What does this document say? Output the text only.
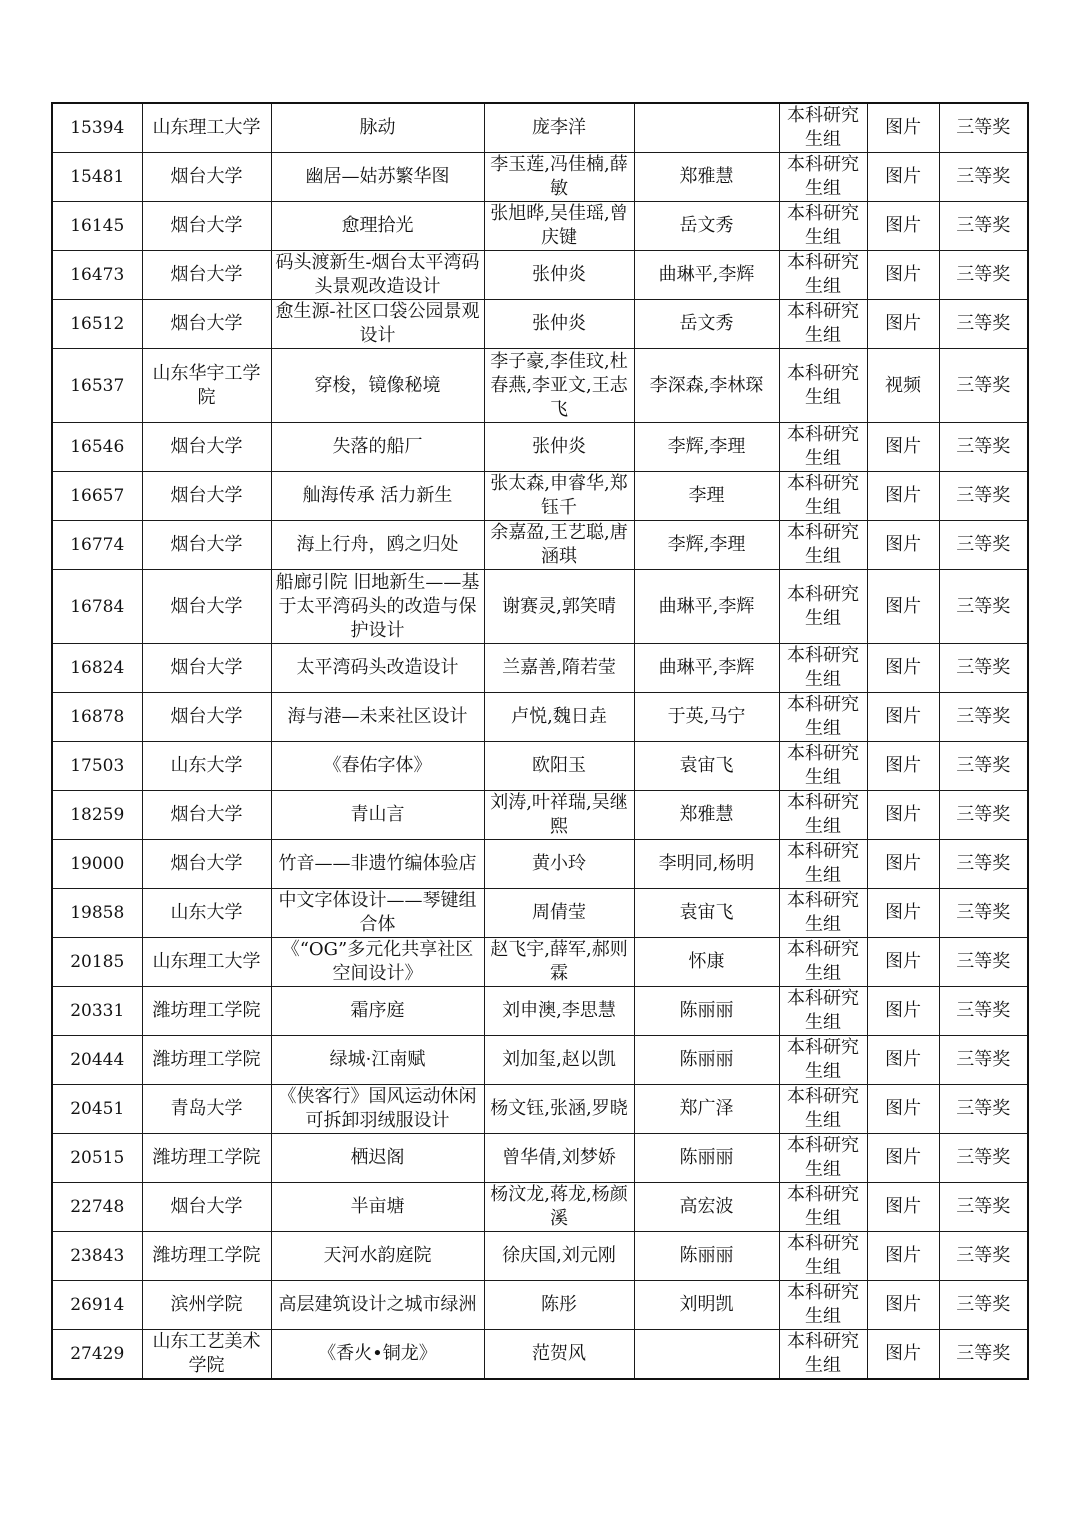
15394	山东理工大学	脉动	庞李洋		本科研究生组	图片	三等奖
15481	烟台大学	幽居—姑苏繁华图	李玉莲,冯佳楠,薛敏	郑雅慧	本科研究生组	图片	三等奖
16145	烟台大学	愈理拾光	张旭晔,吴佳瑶,曾庆键	岳文秀	本科研究生组	图片	三等奖
16473	烟台大学	码头渡新生-烟台太平湾码头景观改造设计	张仲炎	曲琳平,李辉	本科研究生组	图片	三等奖
16512	烟台大学	愈生源-社区口袋公园景观设计	张仲炎	岳文秀	本科研究生组	图片	三等奖
16537	山东华宇工学院	穿梭，镜像秘境	李子豪,李佳玟,杜春燕,李亚文,王志飞	李深森,李林琛	本科研究生组	视频	三等奖
16546	烟台大学	失落的船厂	张仲炎	李辉,李理	本科研究生组	图片	三等奖
16657	烟台大学	舢海传承 活力新生	张太森,申睿华,郑钰千	李理	本科研究生组	图片	三等奖
16774	烟台大学	海上行舟，鸥之归处	余嘉盈,王艺聪,唐涵琪	李辉,李理	本科研究生组	图片	三等奖
16784	烟台大学	船廊引院 旧地新生——基于太平湾码头的改造与保护设计	谢赛灵,郭笑晴	曲琳平,李辉	本科研究生组	图片	三等奖
16824	烟台大学	太平湾码头改造设计	兰嘉善,隋若莹	曲琳平,李辉	本科研究生组	图片	三等奖
16878	烟台大学	海与港—未来社区设计	卢悦,魏日垚	于英,马宁	本科研究生组	图片	三等奖
17503	山东大学	《春佑字体》	欧阳玉	袁宙飞	本科研究生组	图片	三等奖
18259	烟台大学	青山言	刘涛,叶祥瑞,吴继熙	郑雅慧	本科研究生组	图片	三等奖
19000	烟台大学	竹音——非遗竹编体验店	黄小玲	李明同,杨明	本科研究生组	图片	三等奖
19858	山东大学	中文字体设计——琴键组合体	周倩莹	袁宙飞	本科研究生组	图片	三等奖
20185	山东理工大学	《“OG”多元化共享社区空间设计》	赵飞宇,薛军,郝则霖	怀康	本科研究生组	图片	三等奖
20331	潍坊理工学院	霜序庭	刘申澳,李思慧	陈丽丽	本科研究生组	图片	三等奖
20444	潍坊理工学院	绿城·江南赋	刘加玺,赵以凯	陈丽丽	本科研究生组	图片	三等奖
20451	青岛大学	《侠客行》国风运动休闲可拆卸羽绒服设计	杨文钰,张涵,罗晓	郑广泽	本科研究生组	图片	三等奖
20515	潍坊理工学院	栖迟阁	曾华倩,刘梦娇	陈丽丽	本科研究生组	图片	三等奖
22748	烟台大学	半亩塘	杨汶龙,蒋龙,杨颜溪	高宏波	本科研究生组	图片	三等奖
23843	潍坊理工学院	天河水韵庭院	徐庆国,刘元刚	陈丽丽	本科研究生组	图片	三等奖
26914	滨州学院	高层建筑设计之城市绿洲	陈彤	刘明凯	本科研究生组	图片	三等奖
27429	山东工艺美术学院	《香火•铜龙》	范贺风		本科研究生组	图片	三等奖
